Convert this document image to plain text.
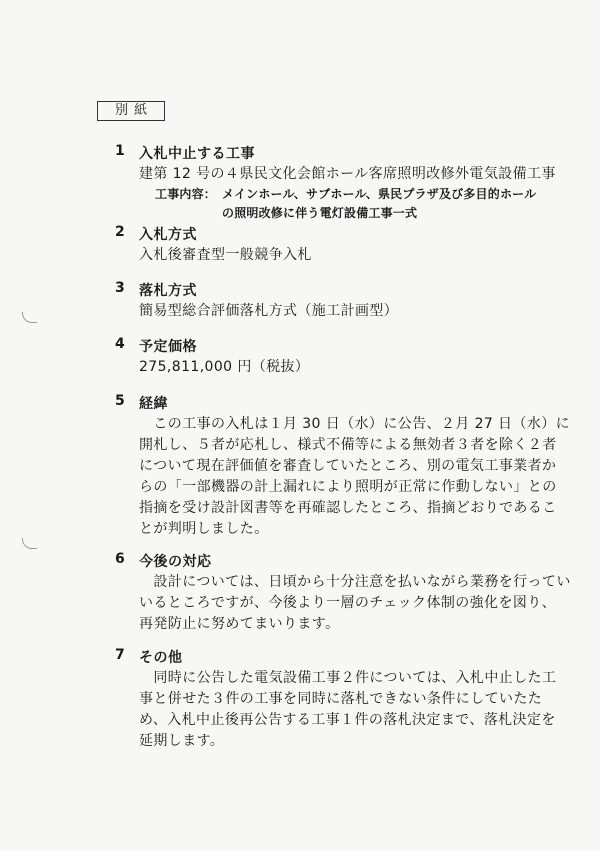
別紙
1 入札中止する工事
建第 12 号の４県民文化会館ホール客席照明改修外電気設備工事
工事内容： メインホール、サブホール、県民プラザ及び多目的ホール
の照明改修に伴う電灯設備工事一式
2 入札方式
入札後審査型一般競争入札
3 落札方式
簡易型総合評価落札方式（施工計画型）
4 予定価格
275,811,000 円（税抜）
5 経緯
　この工事の入札は１月 30 日（水）に公告、２月 27 日（水）に
開札し、５者が応札し、様式不備等による無効者３者を除く２者
について現在評価値を審査していたところ、別の電気工事業者か
らの「一部機器の計上漏れにより照明が正常に作動しない」との
指摘を受け設計図書等を再確認したところ、指摘どおりであるこ
とが判明しました。
6 今後の対応
　設計については、日頃から十分注意を払いながら業務を行ってい
いるところですが、今後より一層のチェック体制の強化を図り、
再発防止に努めてまいります。
7 その他
　同時に公告した電気設備工事２件については、入札中止した工
事と併せた３件の工事を同時に落札できない条件にしていたた
め、入札中止後再公告する工事１件の落札決定まで、落札決定を
延期します。
